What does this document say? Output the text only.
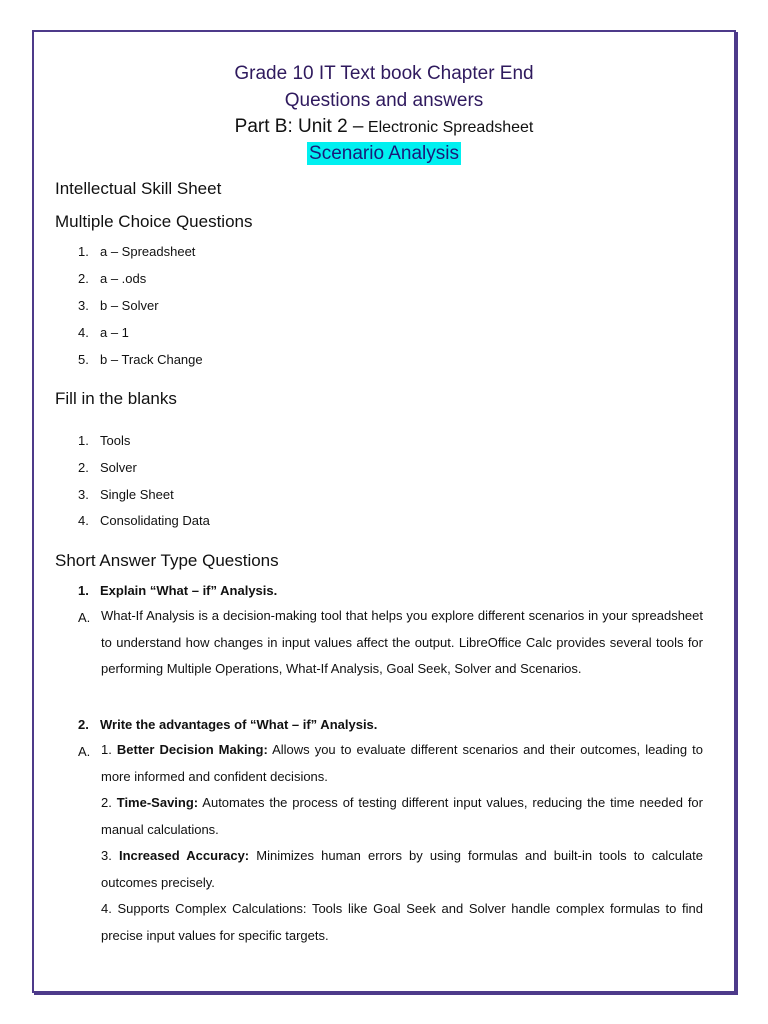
Grade 10 IT Text book Chapter End
Questions and answers
Part B: Unit 2 – Electronic Spreadsheet
Scenario Analysis
Intellectual Skill Sheet
Multiple Choice Questions
1. a – Spreadsheet
2. a – .ods
3. b – Solver
4. a – 1
5. b – Track Change
Fill in the blanks
1. Tools
2. Solver
3. Single Sheet
4. Consolidating Data
Short Answer Type Questions
1. Explain “What – if” Analysis.
A. What-If Analysis is a decision-making tool that helps you explore different scenarios in your spreadsheet to understand how changes in input values affect the output. LibreOffice Calc provides several tools for performing Multiple Operations, What-If Analysis, Goal Seek, Solver and Scenarios.

2. Write the advantages of “What – if” Analysis.
A. 1. Better Decision Making: Allows you to evaluate different scenarios and their outcomes, leading to more informed and confident decisions.

2. Time-Saving: Automates the process of testing different input values, reducing the time needed for manual calculations.

3. Increased Accuracy: Minimizes human errors by using formulas and built-in tools to calculate outcomes precisely.

4. Supports Complex Calculations: Tools like Goal Seek and Solver handle complex formulas to find precise input values for specific targets.
